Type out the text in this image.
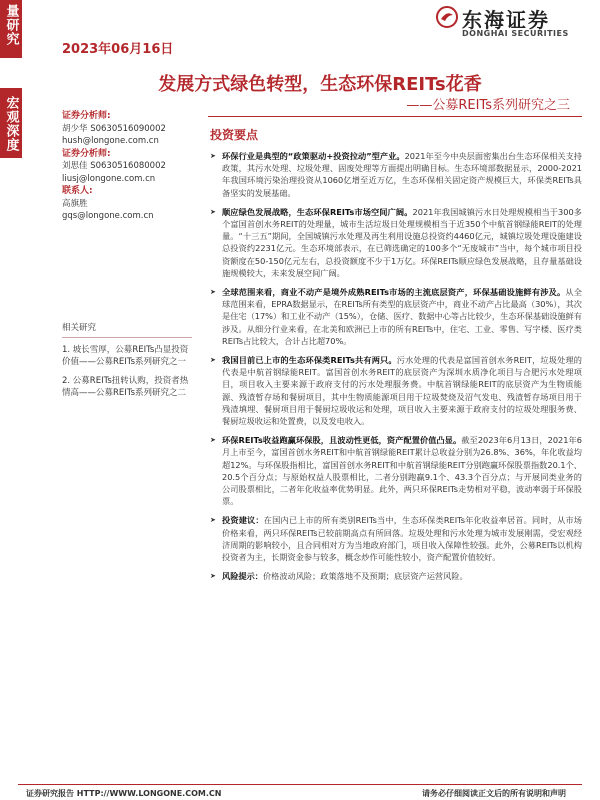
量研究
宏观深度
2023年06月16日
东海证券
DONGHAI SECURITIES
发展方式绿色转型，生态环保REITs花香
——公募REITs系列研究之三
证券分析师:
胡少华 S0630516090002
hush@longone.com.cn
证券分析师:
刘思佳 S0630516080002
liusj@longone.com.cn
联系人:
高旗胜
gqs@longone.com.cn
相关研究

1. 坡长雪厚，公募REITs凸显投资价值——公募REITs系列研究之一

2. 公募REITs扭转认购，投资者热情高——公募REITs系列研究之二

投资要点
➤ 环保行业是典型的“政策驱动+投资拉动”型产业。2021年至今中央层面密集出台生态环保相关支持政策，其污水处理、垃圾处理、固废处理等方面提出明确目标。生态环境部数据显示，2000-2021年我国环境污染治理投资从1060亿增至近万亿，生态环保相关固定资产规模巨大，环保类REITs具备坚实的发展基础。
➤ 顺应绿色发展战略，生态环保REITs市场空间广阔。2021年我国城镇污水日处理规模相当于300多个富国首创水务REIT的处理量，城市生活垃圾日处理规模相当于近350个中航首钢绿能REIT的处理量。“十三五”期间，全国城镇污水处理及再生利用设施总投资约4460亿元，城镇垃圾处理设施建设总投资约2231亿元。生态环境部表示，在已筛选确定的100多个“无废城市”当中，每个城市项目投资额度在50-150亿元左右，总投资额度不少于1万亿。环保REITs顺应绿色发展战略，且存量基础设施规模较大，未来发展空间广阔。
➤ 全球范围来看，商业不动产是境外成熟REITs市场的主流底层资产，环保基础设施鲜有涉及。从全球范围来看，EPRA数据显示，在REITs所有类型的底层资产中，商业不动产占比最高（30%），其次是住宅（17%）和工业不动产（15%），仓储、医疗、数据中心等占比较少，生态环保基础设施鲜有涉及。从细分行业来看，在北美和欧洲已上市的所有REITs中，住宅、工业、零售、写字楼、医疗类REITs占比较大，合计占比超70%。
➤ 我国目前已上市的生态环保类REITs共有两只。污水处理的代表是富国首创水务REIT，垃圾处理的代表是中航首钢绿能REIT。富国首创水务REIT的底层资产为深圳水质净化项目与合肥污水处理项目，项目收入主要来源于政府支付的污水处理服务费。中航首钢绿能REIT的底层资产为生物质能源、残渣暂存场和餐厨项目，其中生物质能源项目用于垃圾焚烧及沼气发电、残渣暂存场项目用于残渣填埋、餐厨项目用于餐厨垃圾收运和处理，项目收入主要来源于政府支付的垃圾处理服务费、餐厨垃圾收运和处置费，以及发电收入。
➤ 环保REITs收益跑赢环保股，且波动性更低，资产配置价值凸显。截至2023年6月13日，2021年6月上市至今，富国首创水务REIT和中航首钢绿能REIT累计总收益分别为26.8%、36%，年化收益均超12%。与环保股指相比，富国首创水务REIT和中航首钢绿能REIT分别跑赢环保股票指数20.1个、20.5个百分点；与原始权益人股票相比，二者分别跑赢9.1个、43.3个百分点；与开展同类业务的公司股票相比，二者年化收益率优势明显。此外，两只环保REITs走势相对平稳，波动率弱于环保股票。
➤ 投资建议：在国内已上市的所有类别REITs当中，生态环保类REITs年化收益率居首。同时，从市场价格来看，两只环保REITs已较前期高点有所回落。垃圾处理和污水处理为城市发展刚需，受宏观经济周期的影响较小，且合同相对方为当地政府部门，项目收入保障性较强。此外，公募REITs以机构投资者为主，长期资金参与较多，概念炒作可能性较小，资产配置价值较好。
➤ 风险提示：价格波动风险；政策落地不及预期；底层资产运营风险。
证券研究报告 HTTP://WWW.LONGONE.COM.CN	请务必仔细阅读正文后的所有说明和声明
